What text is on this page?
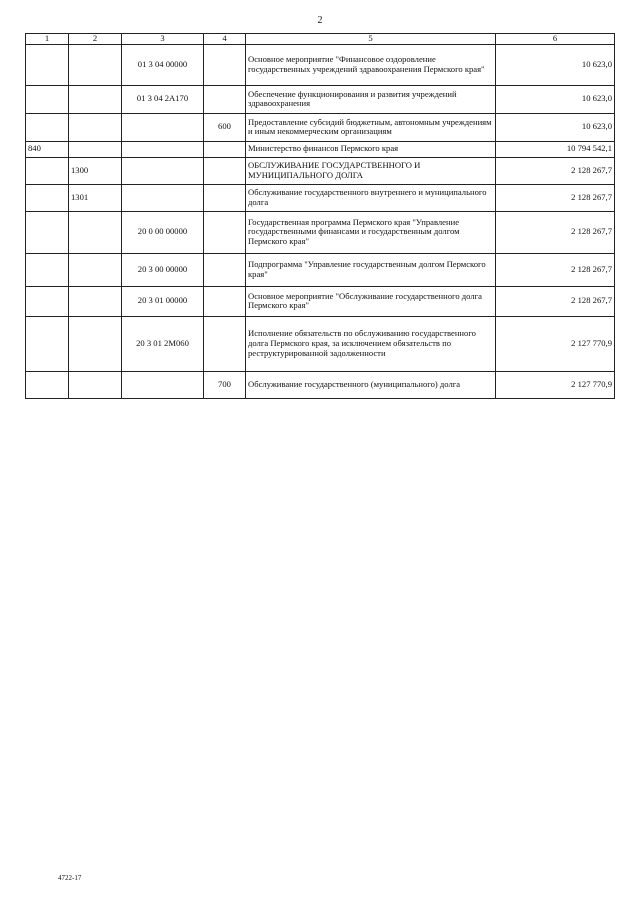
2
1	2	3	4	5	6
		01 3 04 00000		Основное мероприятие "Финансовое оздоровление государственных учреждений здравоохранения Пермского края"	10 623,0
		01 3 04 2А170		Обеспечение функционирования и развития учреждений здравоохранения	10 623,0
			600	Предоставление субсидий бюджетным, автономным учреждениям и иным некоммерческим организациям	10 623,0
840				Министерство финансов Пермского края	10 794 542,1
	1300			ОБСЛУЖИВАНИЕ ГОСУДАРСТВЕННОГО И МУНИЦИПАЛЬНОГО ДОЛГА	2 128 267,7
	1301			Обслуживание государственного внутреннего и муниципального долга	2 128 267,7
		20 0 00 00000		Государственная программа Пермского края "Управление государственными финансами и государственным долгом Пермского края"	2 128 267,7
		20 3 00 00000		Подпрограмма "Управление государственным долгом Пермского края"	2 128 267,7
		20 3 01 00000		Основное мероприятие "Обслуживание государственного долга Пермского края"	2 128 267,7
		20 3 01 2М060		Исполнение обязательств по обслуживанию государственного долга Пермского края, за исключением обязательств по реструктурированной задолженности	2 127 770,9
			700	Обслуживание государственного (муниципального) долга	2 127 770,9
4722-17
